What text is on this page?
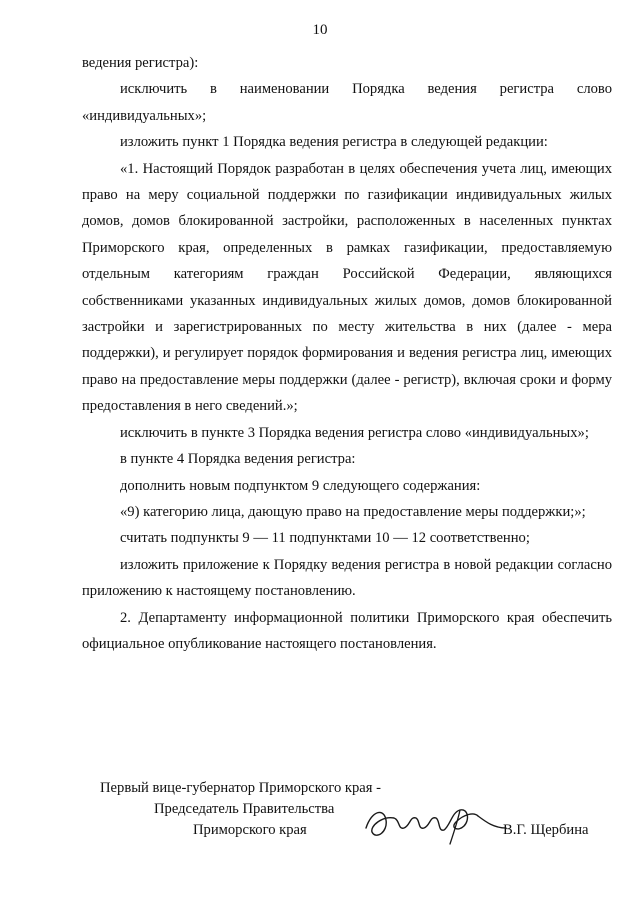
10

ведения регистра):

исключить в наименовании Порядка ведения регистра слово «индивидуальных»;

изложить пункт 1 Порядка ведения регистра в следующей редакции:

«1. Настоящий Порядок разработан в целях обеспечения учета лиц, имеющих право на меру социальной поддержки по газификации индивидуальных жилых домов, домов блокированной застройки, расположенных в населенных пунктах Приморского края, определенных в рамках газификации, предоставляемую отдельным категориям граждан Российской Федерации, являющихся собственниками указанных индивидуальных жилых домов, домов блокированной застройки и зарегистрированных по месту жительства в них (далее - мера поддержки), и регулирует порядок формирования и ведения регистра лиц, имеющих право на предоставление меры поддержки (далее - регистр), включая сроки и форму предоставления в него сведений.»;

исключить в пункте 3 Порядка ведения регистра слово «индивидуальных»;

в пункте 4 Порядка ведения регистра:

дополнить новым подпунктом 9 следующего содержания:

«9) категорию лица, дающую право на предоставление меры поддержки;»;

считать подпункты 9 — 11 подпунктами 10 — 12 соответственно;

изложить приложение к Порядку ведения регистра в новой редакции согласно приложению к настоящему постановлению.

2. Департаменту информационной политики Приморского края обеспечить официальное опубликование настоящего постановления.

Первый вице-губернатор Приморского края -
Председатель Правительства
Приморского края	В.Г. Щербина
